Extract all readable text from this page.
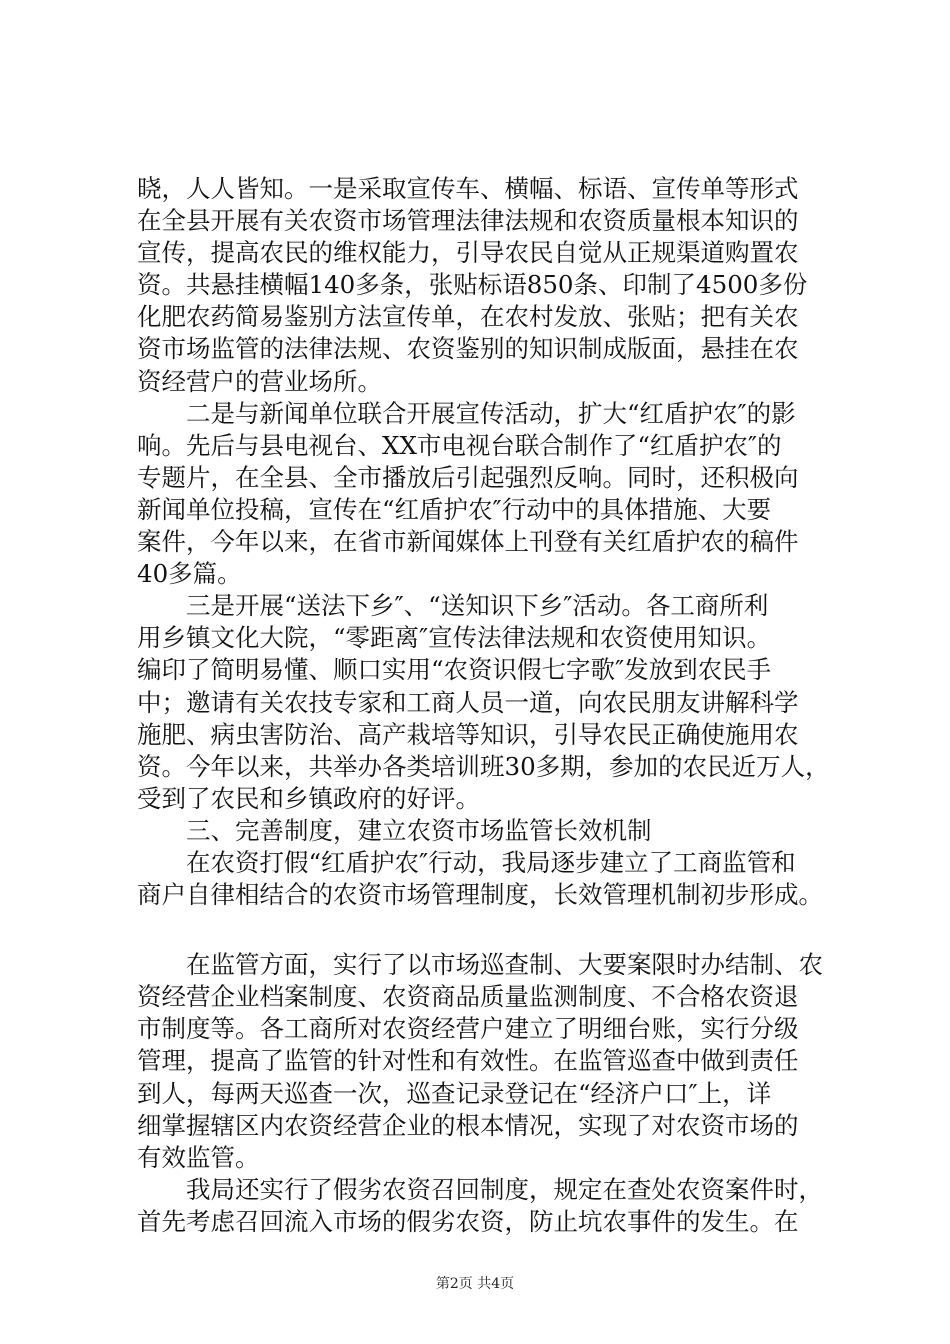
晓，人人皆知。一是采取宣传车、横幅、标语、宣传单等形式
在全县开展有关农资市场管理法律法规和农资质量根本知识的
宣传，提高农民的维权能力，引导农民自觉从正规渠道购置农
资。共悬挂横幅140多条，张贴标语850条、印制了4500多份
化肥农药简易鉴别方法宣传单，在农村发放、张贴；把有关农
资市场监管的法律法规、农资鉴别的知识制成版面，悬挂在农
资经营户的营业场所。
二是与新闻单位联合开展宣传活动，扩大“红盾护农″的影
响。先后与县电视台、XX市电视台联合制作了“红盾护农″的
专题片，在全县、全市播放后引起强烈反响。同时，还积极向
新闻单位投稿，宣传在“红盾护农″行动中的具体措施、大要
案件，今年以来，在省市新闻媒体上刊登有关红盾护农的稿件
40多篇。
三是开展“送法下乡″、“送知识下乡″活动。各工商所利
用乡镇文化大院，“零距离″宣传法律法规和农资使用知识。
编印了简明易懂、顺口实用“农资识假七字歌″发放到农民手
中；邀请有关农技专家和工商人员一道，向农民朋友讲解科学
施肥、病虫害防治、高产栽培等知识，引导农民正确使施用农
资。今年以来，共举办各类培训班30多期，参加的农民近万人，
受到了农民和乡镇政府的好评。
三、完善制度，建立农资市场监管长效机制
在农资打假“红盾护农″行动，我局逐步建立了工商监管和
商户自律相结合的农资市场管理制度，长效管理机制初步形成。
在监管方面，实行了以市场巡查制、大要案限时办结制、农
资经营企业档案制度、农资商品质量监测制度、不合格农资退
市制度等。各工商所对农资经营户建立了明细台账，实行分级
管理，提高了监管的针对性和有效性。在监管巡查中做到责任
到人，每两天巡查一次，巡查记录登记在“经济户口″上，详
细掌握辖区内农资经营企业的根本情况，实现了对农资市场的
有效监管。
我局还实行了假劣农资召回制度，规定在查处农资案件时，
首先考虑召回流入市场的假劣农资，防止坑农事件的发生。在
第2页 共4页
